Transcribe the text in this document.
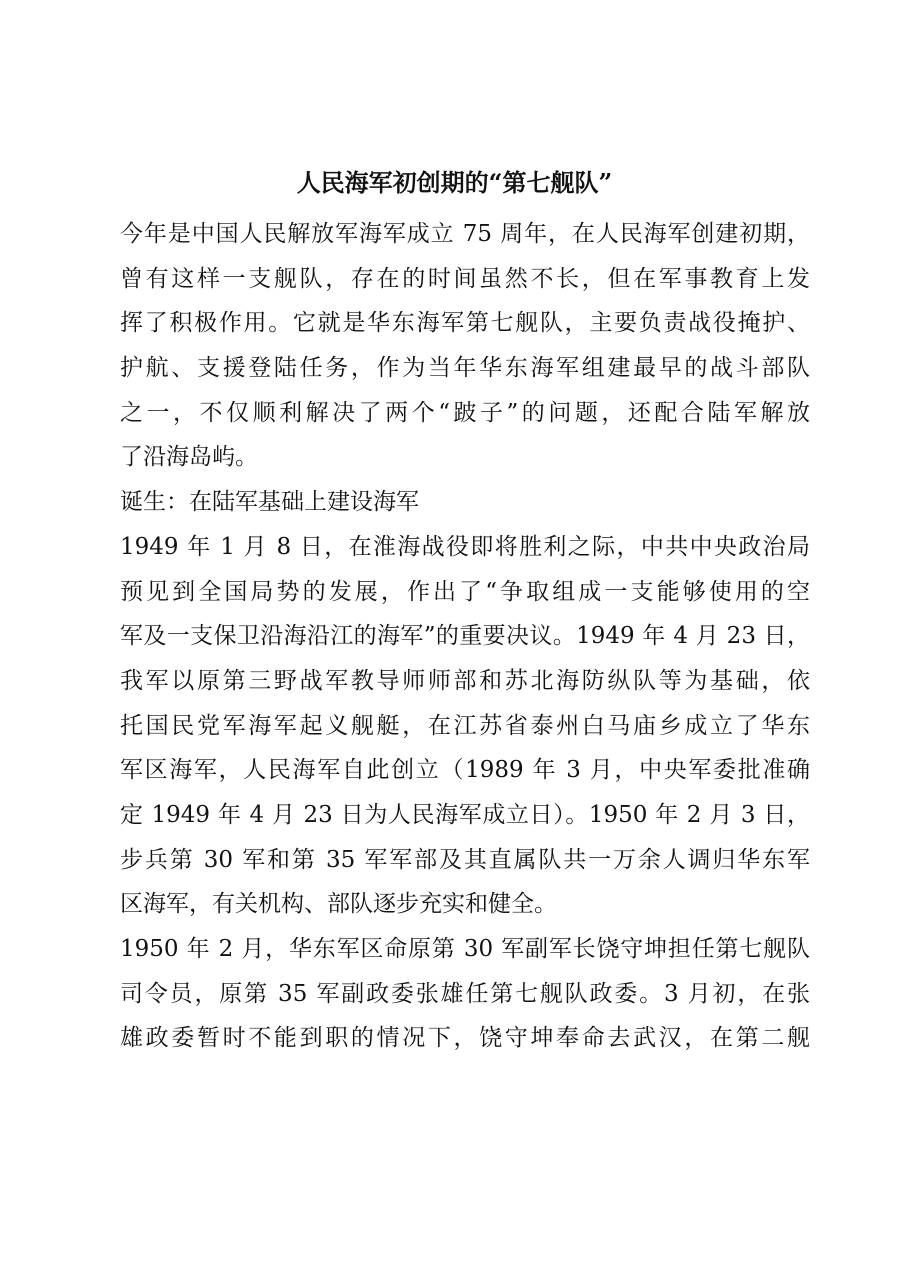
人民海军初创期的“第七舰队”
今年是中国人民解放军海军成立 75 周年，在人民海军创建初期，
曾有这样一支舰队，存在的时间虽然不长，但在军事教育上发
挥了积极作用。它就是华东海军第七舰队，主要负责战役掩护、
护航、支援登陆任务，作为当年华东海军组建最早的战斗部队
之一，不仅顺利解决了两个“跛子”的问题，还配合陆军解放
了沿海岛屿。
诞生：在陆军基础上建设海军
1949 年 1 月 8 日，在淮海战役即将胜利之际，中共中央政治局
预见到全国局势的发展，作出了“争取组成一支能够使用的空
军及一支保卫沿海沿江的海军”的重要决议。1949 年 4 月 23 日，
我军以原第三野战军教导师师部和苏北海防纵队等为基础，依
托国民党军海军起义舰艇，在江苏省泰州白马庙乡成立了华东
军区海军，人民海军自此创立（1989 年 3 月，中央军委批准确
定 1949 年 4 月 23 日为人民海军成立日）。1950 年 2 月 3 日，
步兵第 30 军和第 35 军军部及其直属队共一万余人调归华东军
区海军，有关机构、部队逐步充实和健全。
1950 年 2 月，华东军区命原第 30 军副军长饶守坤担任第七舰队
司令员，原第 35 军副政委张雄任第七舰队政委。3 月初，在张
雄政委暂时不能到职的情况下，饶守坤奉命去武汉，在第二舰
